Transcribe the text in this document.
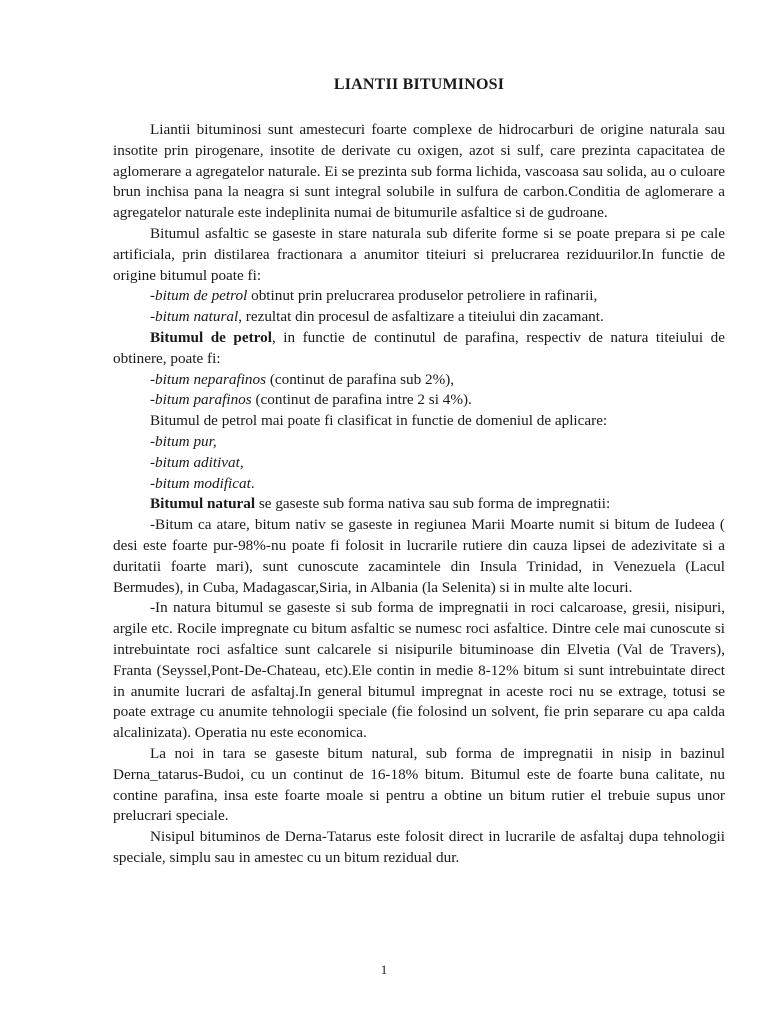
LIANTII BITUMINOSI

Liantii bituminosi sunt amestecuri foarte complexe de hidrocarburi de origine naturala sau insotite prin pirogenare, insotite de derivate cu oxigen, azot si sulf, care prezinta capacitatea de aglomerare a agregatelor naturale. Ei se prezinta sub forma lichida, vascoasa sau solida, au o culoare brun inchisa pana la neagra si sunt integral solubile in sulfura de carbon.Conditia de aglomerare a agregatelor naturale este indeplinita numai de bitumurile asfaltice si de gudroane.

Bitumul asfaltic se gaseste in stare naturala sub diferite forme si se poate prepara si pe cale artificiala, prin distilarea fractionara a anumitor titeiuri si prelucrarea reziduurilor.In functie de origine bitumul poate fi:

-bitum de petrol obtinut prin prelucrarea produselor petroliere in rafinarii,

-bitum natural, rezultat din procesul de asfaltizare a titeiului din zacamant.

Bitumul de petrol, in functie de continutul de parafina, respectiv de natura titeiului de obtinere, poate fi:

-bitum neparafinos (continut de parafina sub 2%),

-bitum parafinos (continut de parafina intre 2 si 4%).

Bitumul de petrol mai poate fi clasificat in functie de domeniul de aplicare:

-bitum pur,

-bitum aditivat,

-bitum modificat.

Bitumul natural se gaseste sub forma nativa sau sub forma de impregnatii:

-Bitum ca atare, bitum nativ se gaseste in regiunea Marii Moarte numit si bitum de Iudeea ( desi este foarte pur-98%-nu poate fi folosit in lucrarile rutiere din cauza lipsei de adezivitate si a duritatii foarte mari), sunt cunoscute zacamintele din Insula Trinidad, in Venezuela (Lacul Bermudes), in Cuba, Madagascar,Siria, in Albania (la Selenita) si in multe alte locuri.

-In natura bitumul se gaseste si sub forma de impregnatii in roci calcaroase, gresii, nisipuri, argile etc. Rocile impregnate cu bitum asfaltic se numesc roci asfaltice. Dintre cele mai cunoscute si intrebuintate roci asfaltice sunt calcarele si nisipurile bituminoase din Elvetia (Val de Travers), Franta (Seyssel,Pont-De-Chateau, etc).Ele contin in medie 8-12% bitum si sunt intrebuintate direct in anumite lucrari de asfaltaj.In general bitumul impregnat in aceste roci nu se extrage, totusi se poate extrage cu anumite tehnologii speciale (fie folosind un solvent, fie prin separare cu apa calda alcalinizata). Operatia nu este economica.

La noi in tara se gaseste bitum natural, sub forma de impregnatii in nisip in bazinul Derna_tatarus-Budoi, cu un continut de 16-18% bitum. Bitumul este de foarte buna calitate, nu contine parafina, insa este foarte moale si pentru a obtine un bitum rutier el trebuie supus unor prelucrari speciale.

Nisipul bituminos de Derna-Tatarus este folosit direct in lucrarile de asfaltaj dupa tehnologii speciale, simplu sau in amestec cu un bitum rezidual dur.

1
